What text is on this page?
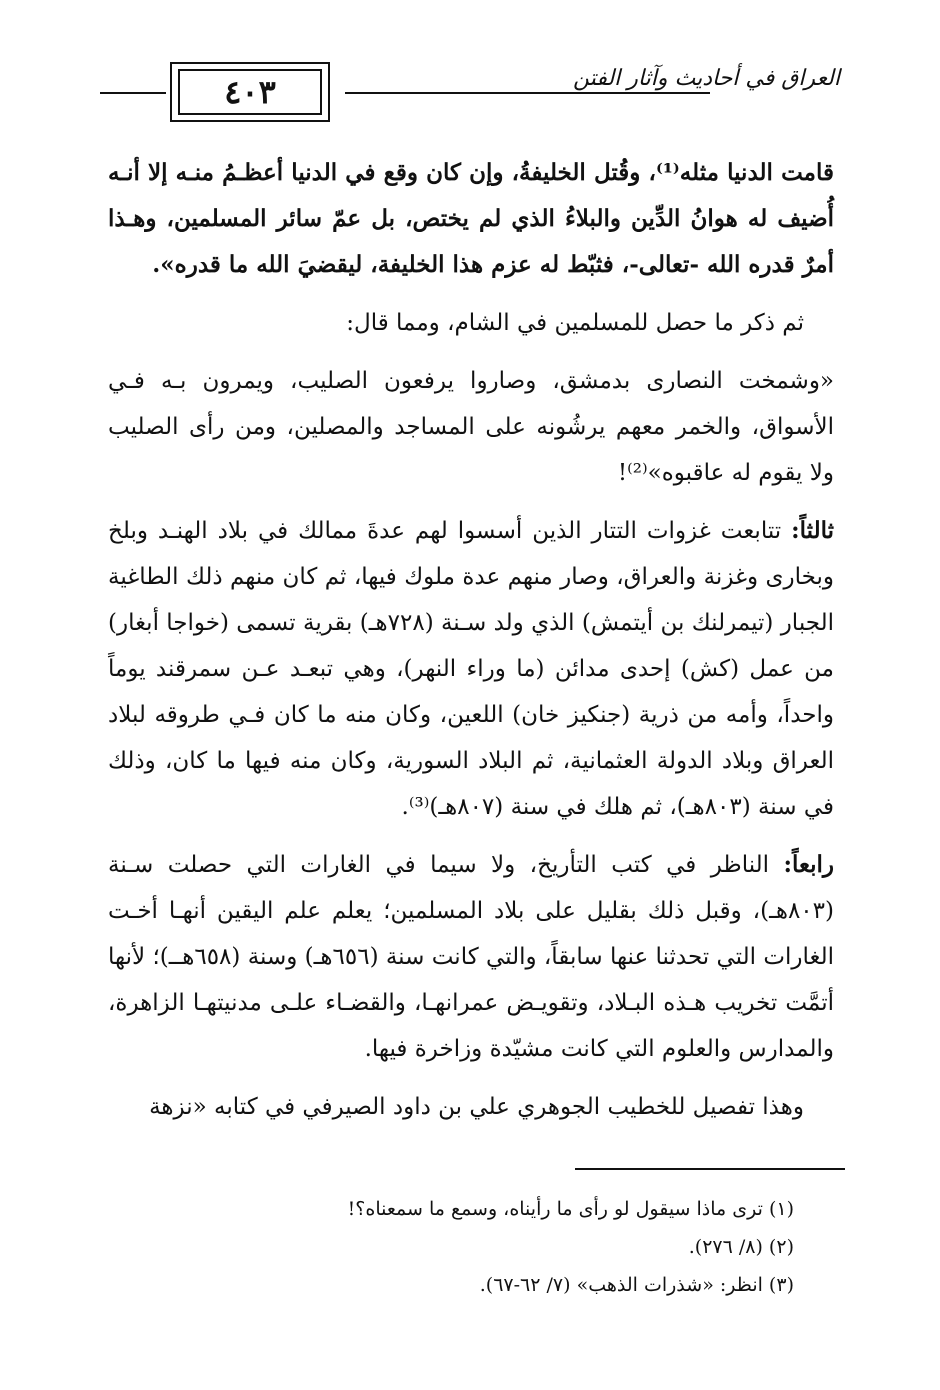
٤٠٣	العراق في أحاديث وآثار الفتن

قامت الدنيا مثله⁽¹⁾، وقُتل الخليفةُ، وإن كان وقع في الدنيا أعظـمُ منـه إلا أنـه أُضيف له هوانُ الدِّين والبلاءُ الذي لم يختص، بل عمّ سائر المسلمين، وهـذا أمرٌ قدره الله -تعالى-، فثبّط له عزم هذا الخليفة، ليقضيَ الله ما قدره».

ثم ذكر ما حصل للمسلمين في الشام، ومما قال:

«وشمخت النصارى بدمشق، وصاروا يرفعون الصليب، ويمرون بـه فـي الأسواق، والخمر معهم يرشُونه على المساجد والمصلين، ومن رأى الصليب ولا يقوم له عاقبوه»⁽²⁾!

ثالثاً: تتابعت غزوات التتار الذين أسسوا لهم عدةَ ممالك في بلاد الهنـد وبلخ وبخارى وغزنة والعراق، وصار منهم عدة ملوك فيها، ثم كان منهم ذلك الطاغية الجبار (تيمرلنك بن أيتمش) الذي ولد سـنة (٧٢٨هـ) بقرية تسمى (خواجا أبغار) من عمل (كش) إحدى مدائن (ما وراء النهر)، وهي تبعـد عـن سمرقند يوماً واحداً، وأمه من ذرية (جنكيز خان) اللعين، وكان منه ما كان فـي طروقه لبلاد العراق وبلاد الدولة العثمانية، ثم البلاد السورية، وكان منه فيها ما كان، وذلك في سنة (٨٠٣هـ)، ثم هلك في سنة (٨٠٧هـ)⁽³⁾.

رابعاً: الناظر في كتب التأريخ، ولا سيما في الغارات التي حصلت سـنة (٨٠٣هـ)، وقبل ذلك بقليل على بلاد المسلمين؛ يعلم علم اليقين أنهـا أخـت الغارات التي تحدثنا عنها سابقاً، والتي كانت سنة (٦٥٦هـ) وسنة (٦٥٨هــ)؛ لأنها أتمَّت تخريب هـذه البـلاد، وتقويـض عمرانهـا، والقضـاء علـى مدنيتهـا الزاهرة، والمدارس والعلوم التي كانت مشيّدة وزاخرة فيها.

وهذا تفصيل للخطيب الجوهري علي بن داود الصيرفي في كتابه «نزهة

(١) ترى ماذا سيقول لو رأى ما رأيناه، وسمع ما سمعناه؟!

(٢) (٨/ ٢٧٦).

(٣) انظر: «شذرات الذهب» (٧/ ٦٢-٦٧).
